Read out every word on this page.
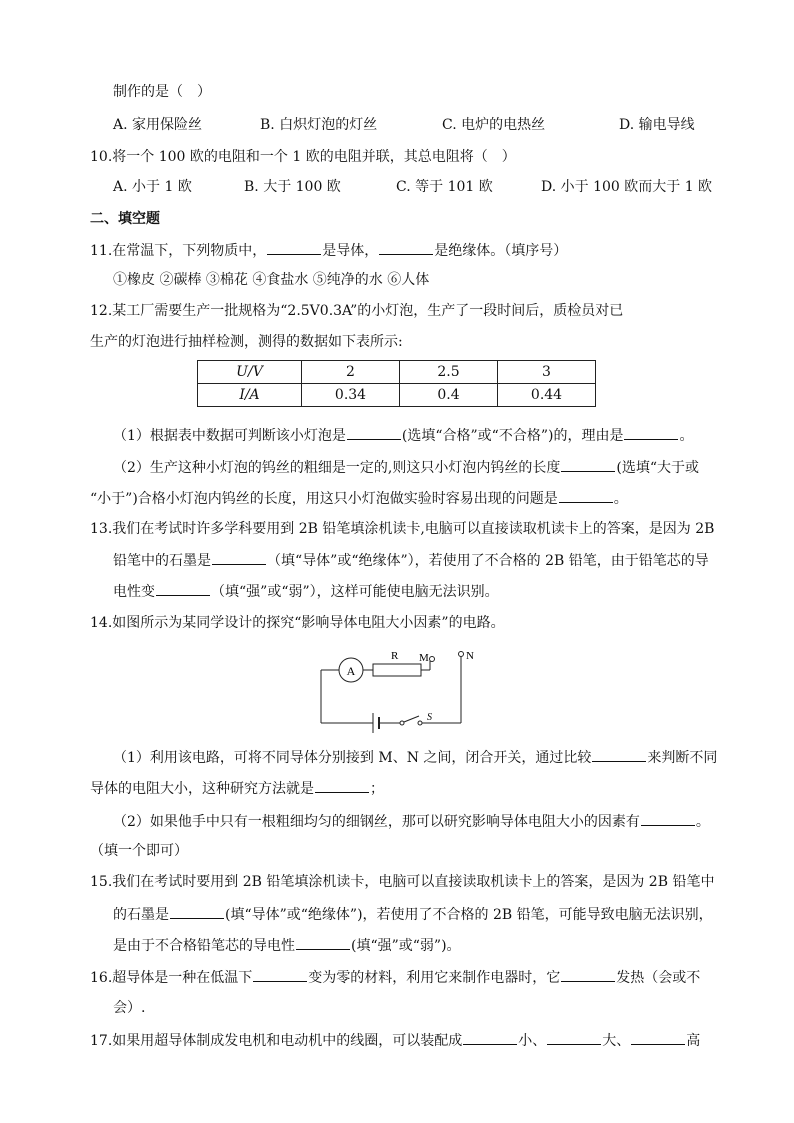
制作的是（　）
A. 家用保险丝	B. 白炽灯泡的灯丝	C. 电炉的电热丝	D. 输电导线
10.将一个 100 欧的电阻和一个 1 欧的电阻并联，其总电阻将（　）
A. 小于 1 欧	B. 大于 100 欧	C. 等于 101 欧	D. 小于 100 欧而大于 1 欧
二、填空题
11.在常温下，下列物质中，	是导体，	是绝缘体。（填序号）
①橡皮 ②碳棒 ③棉花 ④食盐水 ⑤纯净的水 ⑥人体
12.某工厂需要生产一批规格为“2.5V0.3A”的小灯泡，生产了一段时间后，质检员对已
生产的灯泡进行抽样检测，测得的数据如下表所示:
U/V	2	2.5	3
I/A	0.34	0.4	0.44
（1）根据表中数据可判断该小灯泡是	(选填“合格”或“不合格”)的，理由是	。
（2）生产这种小灯泡的钨丝的粗细是一定的,则这只小灯泡内钨丝的长度	(选填“大于或
“小于”)合格小灯泡内钨丝的长度，用这只小灯泡做实验时容易出现的问题是	。
13.我们在考试时许多学科要用到 2B 铅笔填涂机读卡,电脑可以直接读取机读卡上的答案，是因为 2B
铅笔中的石墨是	（填“导体”或“绝缘体”），若使用了不合格的 2B 铅笔，由于铅笔芯的导
电性变	（填“强”或“弱”），这样可能使电脑无法识别。
14.如图所示为某同学设计的探究“影响导体电阻大小因素”的电路。
A
R M	N
S
（1）利用该电路，可将不同导体分别接到 M、N 之间，闭合开关，通过比较	来判断不同
导体的电阻大小，这种研究方法就是	；
（2）如果他手中只有一根粗细均匀的细钢丝，那可以研究影响导体电阻大小的因素有	。
（填一个即可）
15.我们在考试时要用到 2B 铅笔填涂机读卡，电脑可以直接读取机读卡上的答案，是因为 2B 铅笔中
的石墨是	(填“导体”或“绝缘体”)，若使用了不合格的 2B 铅笔，可能导致电脑无法识别，
是由于不合格铅笔芯的导电性	(填“强”或“弱”)。
16.超导体是一种在低温下	变为零的材料，利用它来制作电器时，它	发热（会或不
会）.
17.如果用超导体制成发电机和电动机中的线圈，可以装配成	小、	大、	高
